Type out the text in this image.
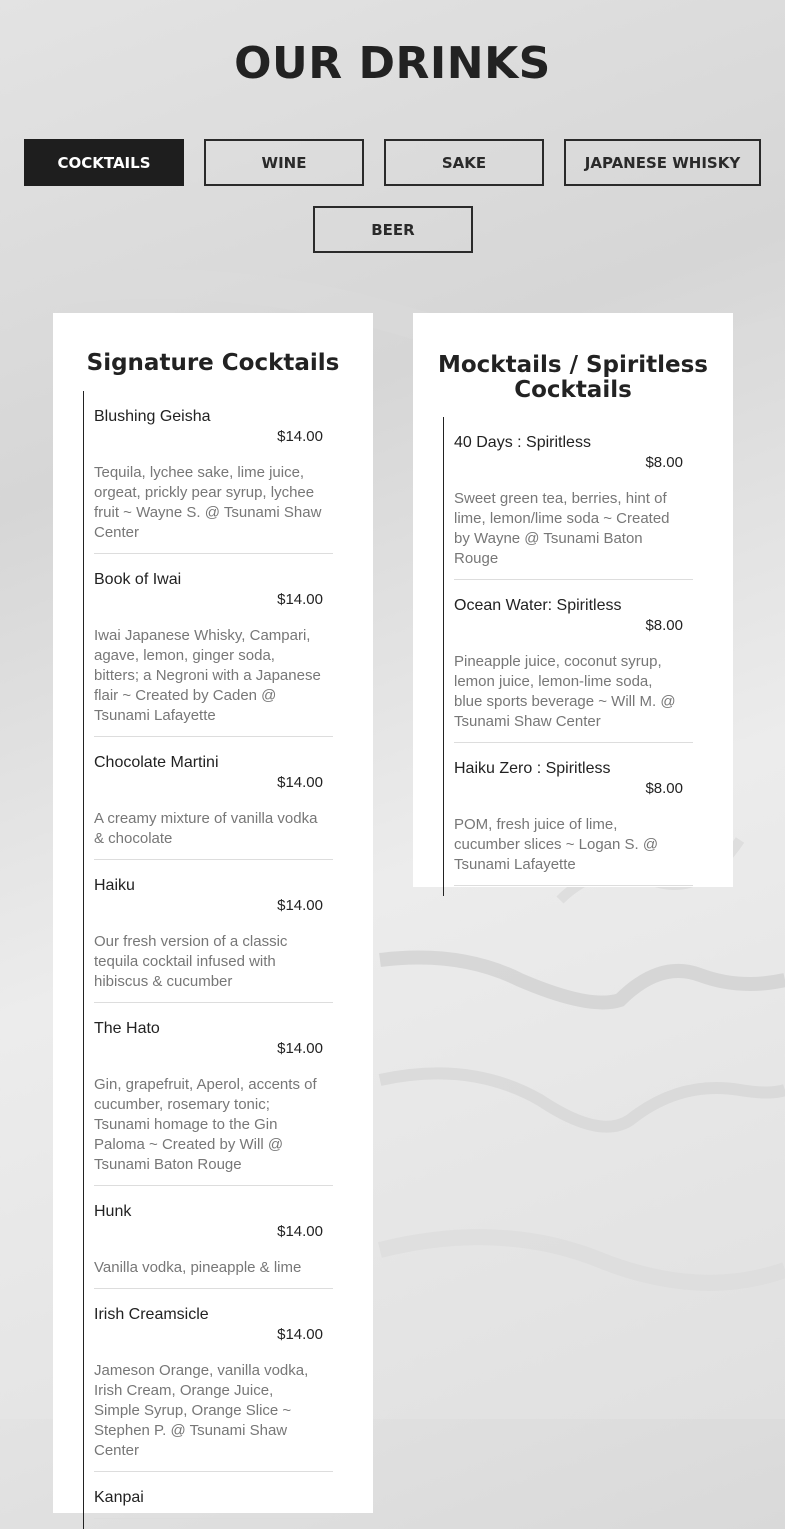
OUR DRINKS
COCKTAILS	WINE	SAKE	JAPANESE WHISKY
BEER
Signature Cocktails
Blushing Geisha
$14.00
Tequila, lychee sake, lime juice, orgeat, prickly pear syrup, lychee fruit ~ Wayne S. @ Tsunami Shaw Center
Book of Iwai
$14.00
Iwai Japanese Whisky, Campari, agave, lemon, ginger soda, bitters; a Negroni with a Japanese flair ~ Created by Caden @ Tsunami Lafayette
Chocolate Martini
$14.00
A creamy mixture of vanilla vodka & chocolate
Haiku
$14.00
Our fresh version of a classic tequila cocktail infused with hibiscus & cucumber
The Hato
$14.00
Gin, grapefruit, Aperol, accents of cucumber, rosemary tonic; Tsunami homage to the Gin Paloma ~ Created by Will @ Tsunami Baton Rouge
Hunk
$14.00
Vanilla vodka, pineapple & lime
Irish Creamsicle
$14.00
Jameson Orange, vanilla vodka, Irish Cream, Orange Juice, Simple Syrup, Orange Slice ~ Stephen P. @ Tsunami Shaw Center
Kanpai
Mocktails / Spiritless Cocktails
40 Days : Spiritless
$8.00
Sweet green tea, berries, hint of lime, lemon/lime soda ~ Created by Wayne @ Tsunami Baton Rouge
Ocean Water: Spiritless
$8.00
Pineapple juice, coconut syrup, lemon juice, lemon-lime soda, blue sports beverage ~ Will M. @ Tsunami Shaw Center
Haiku Zero : Spiritless
$8.00
POM, fresh juice of lime, cucumber slices ~ Logan S. @ Tsunami Lafayette
